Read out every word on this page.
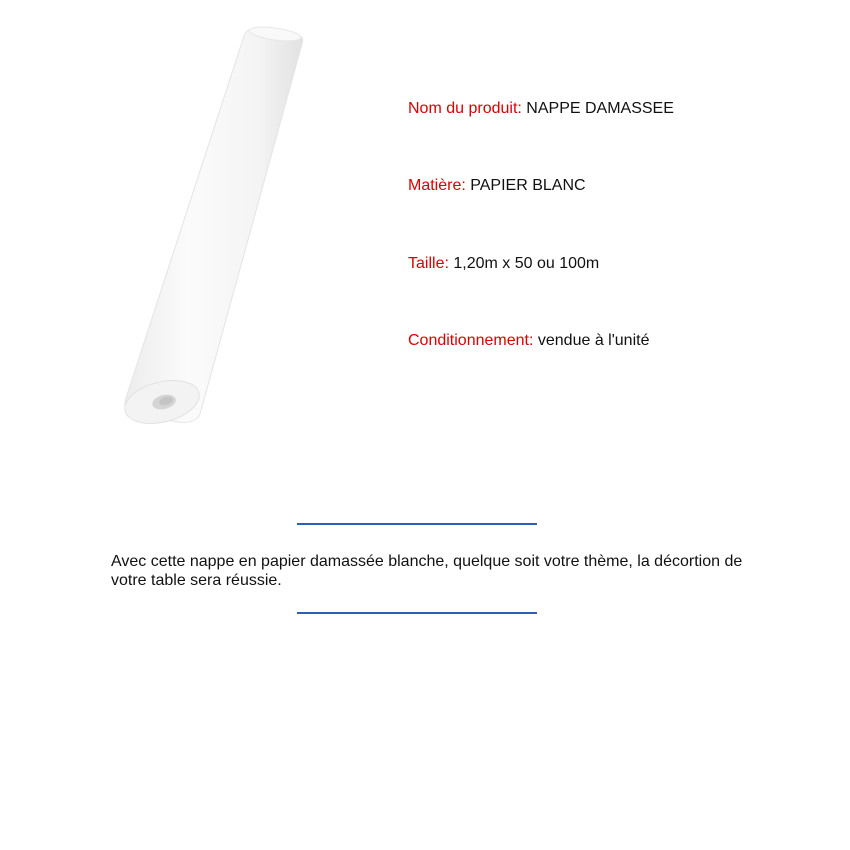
Nom du produit: NAPPE DAMASSEE
Matière: PAPIER BLANC
Taille: 1,20m x 50 ou 100m
Conditionnement: vendue à l'unité
Avec cette nappe en papier damassée blanche, quelque soit votre thème, la décortion de votre table sera réussie.
